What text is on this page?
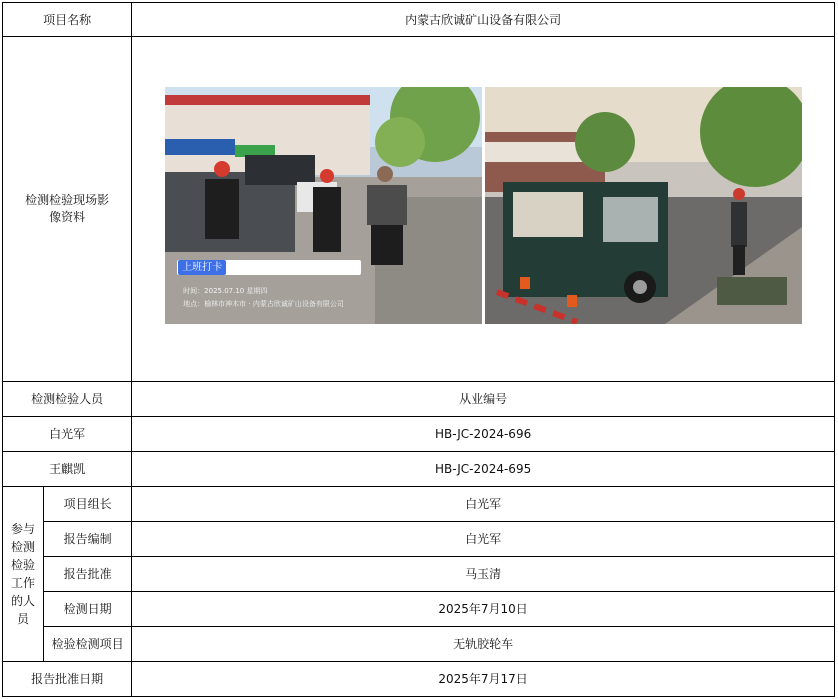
项目名称		内蒙古欣诚矿山设备有限公司

检测检验现场影像资料		上班打卡 18:32
时间：2025.07.10 星期四
地点：榆林市神木市 · 内蒙古欣诚矿山设备有限公司

检测检验人员		从业编号
白光军		HB-JC-2024-696
王麒凯		HB-JC-2024-695

参与检测检验工作的人员	项目组长	白光军
	报告编制	白光军
	报告批准	马玉清
	检测日期	2025年7月10日
	检验检测项目	无轨胶轮车
报告批准日期		2025年7月17日
